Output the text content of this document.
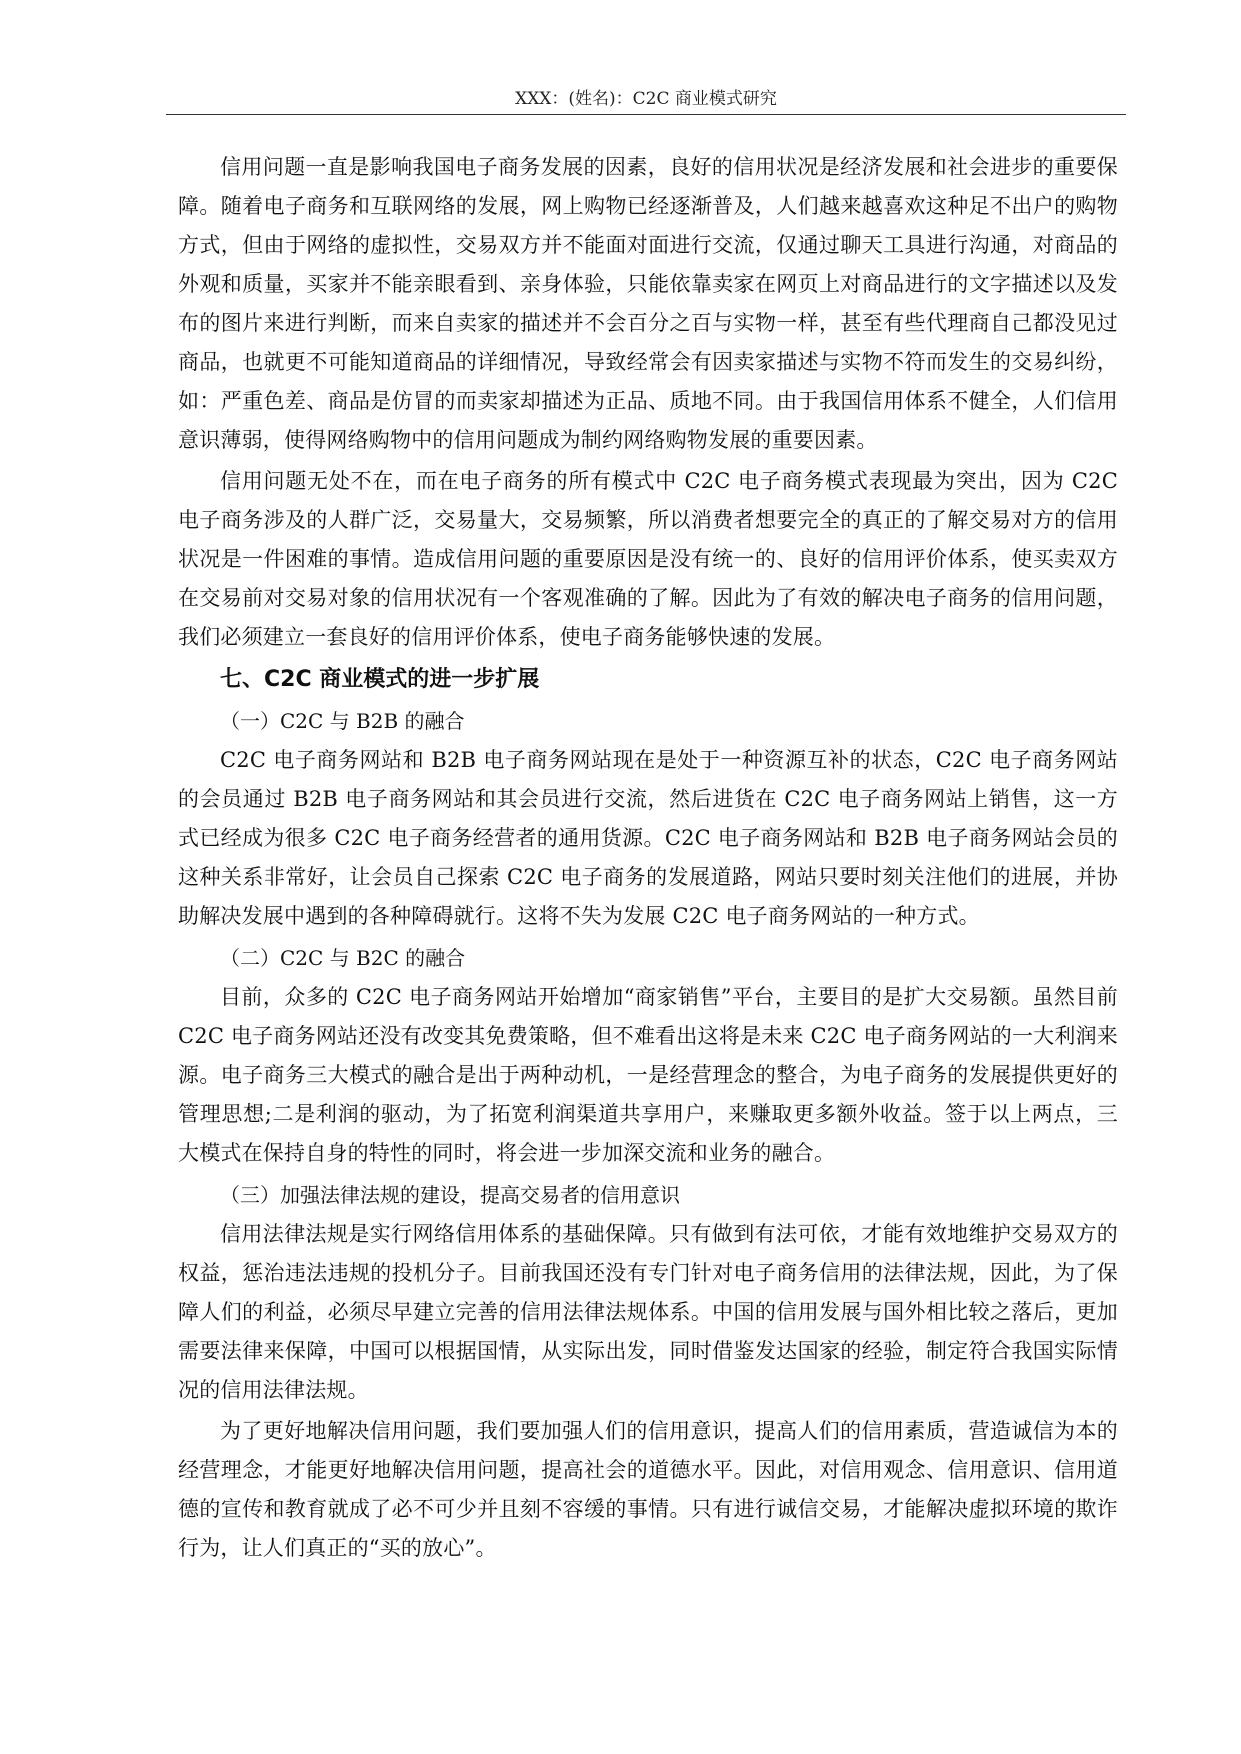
XXX：(姓名)：C2C 商业模式研究

信用问题一直是影响我国电子商务发展的因素，良好的信用状况是经济发展和社会进步的重要保障。随着电子商务和互联网络的发展，网上购物已经逐渐普及，人们越来越喜欢这种足不出户的购物方式，但由于网络的虚拟性，交易双方并不能面对面进行交流，仅通过聊天工具进行沟通，对商品的外观和质量，买家并不能亲眼看到、亲身体验，只能依靠卖家在网页上对商品进行的文字描述以及发布的图片来进行判断，而来自卖家的描述并不会百分之百与实物一样，甚至有些代理商自己都没见过商品，也就更不可能知道商品的详细情况，导致经常会有因卖家描述与实物不符而发生的交易纠纷，如：严重色差、商品是仿冒的而卖家却描述为正品、质地不同。由于我国信用体系不健全，人们信用意识薄弱，使得网络购物中的信用问题成为制约网络购物发展的重要因素。

信用问题无处不在，而在电子商务的所有模式中 C2C 电子商务模式表现最为突出，因为 C2C 电子商务涉及的人群广泛，交易量大，交易频繁，所以消费者想要完全的真正的了解交易对方的信用状况是一件困难的事情。造成信用问题的重要原因是没有统一的、良好的信用评价体系，使买卖双方在交易前对交易对象的信用状况有一个客观准确的了解。因此为了有效的解决电子商务的信用问题，我们必须建立一套良好的信用评价体系，使电子商务能够快速的发展。

七、C2C 商业模式的进一步扩展
（一）C2C 与 B2B 的融合

C2C 电子商务网站和 B2B 电子商务网站现在是处于一种资源互补的状态，C2C 电子商务网站的会员通过 B2B 电子商务网站和其会员进行交流，然后进货在 C2C 电子商务网站上销售，这一方式已经成为很多 C2C 电子商务经营者的通用货源。C2C 电子商务网站和 B2B 电子商务网站会员的这种关系非常好，让会员自己探索 C2C 电子商务的发展道路，网站只要时刻关注他们的进展，并协助解决发展中遇到的各种障碍就行。这将不失为发展 C2C 电子商务网站的一种方式。

（二）C2C 与 B2C 的融合

目前，众多的 C2C 电子商务网站开始增加“商家销售”平台，主要目的是扩大交易额。虽然目前 C2C 电子商务网站还没有改变其免费策略，但不难看出这将是未来 C2C 电子商务网站的一大利润来源。电子商务三大模式的融合是出于两种动机，一是经营理念的整合，为电子商务的发展提供更好的管理思想;二是利润的驱动，为了拓宽利润渠道共享用户，来赚取更多额外收益。签于以上两点，三大模式在保持自身的特性的同时，将会进一步加深交流和业务的融合。

（三）加强法律法规的建设，提高交易者的信用意识

信用法律法规是实行网络信用体系的基础保障。只有做到有法可依，才能有效地维护交易双方的权益，惩治违法违规的投机分子。目前我国还没有专门针对电子商务信用的法律法规，因此，为了保障人们的利益，必须尽早建立完善的信用法律法规体系。中国的信用发展与国外相比较之落后，更加需要法律来保障，中国可以根据国情，从实际出发，同时借鉴发达国家的经验，制定符合我国实际情况的信用法律法规。

为了更好地解决信用问题，我们要加强人们的信用意识，提高人们的信用素质，营造诚信为本的经营理念，才能更好地解决信用问题，提高社会的道德水平。因此，对信用观念、信用意识、信用道德的宣传和教育就成了必不可少并且刻不容缓的事情。只有进行诚信交易，才能解决虚拟环境的欺诈行为，让人们真正的“买的放心”。
